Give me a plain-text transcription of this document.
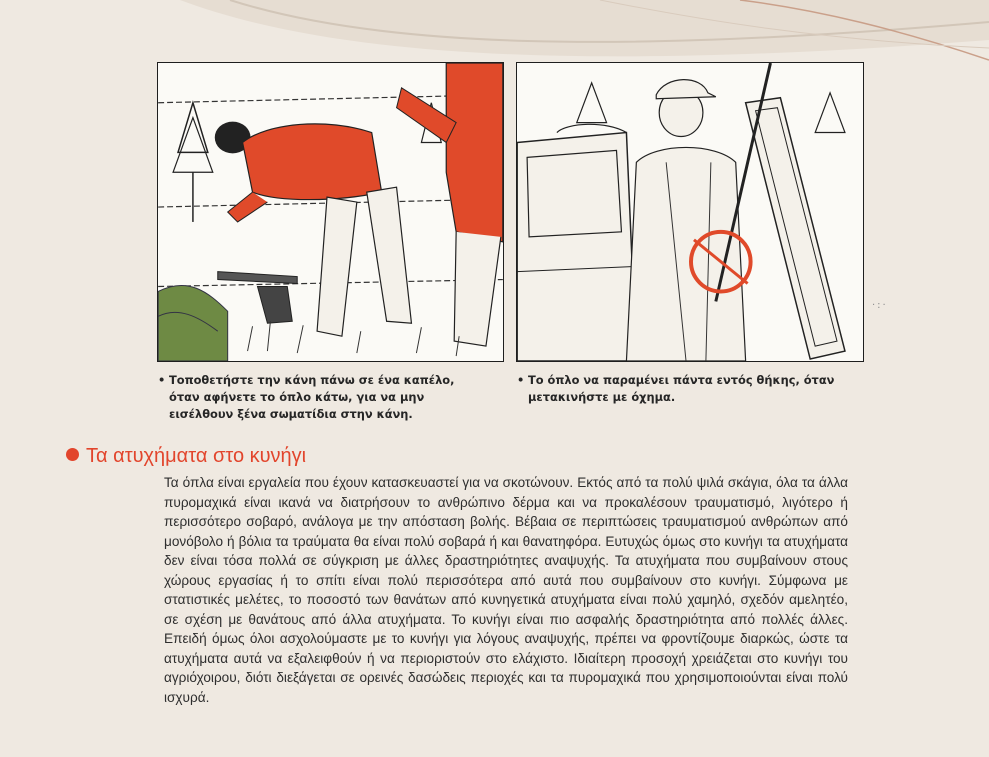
• Τοποθετήστε την κάνη πάνω σε ένα καπέλο, όταν αφήνετε το όπλο κάτω, για να μην εισέλθουν ξένα σωματίδια στην κάνη.
• Το όπλο να παραμένει πάντα εντός θήκης, όταν μετακινήστε με όχημα.
Τα ατυχήματα στο κυνήγι

Τα όπλα είναι εργαλεία που έχουν κατασκευαστεί για να σκοτώνουν. Εκτός από τα πολύ ψιλά σκάγια, όλα τα άλλα πυρομαχικά είναι ικανά να διατρήσουν το ανθρώπινο δέρμα και να προκαλέσουν τραυματισμό, λιγότερο ή περισσότερο σοβαρό, ανάλογα με την απόσταση βολής. Βέβαια σε περιπτώσεις τραυματισμού ανθρώπων από μονόβολο ή βόλια τα τραύματα θα είναι πολύ σοβαρά ή και θανατηφόρα. Ευτυχώς όμως στο κυνήγι τα ατυχήματα δεν είναι τόσα πολλά σε σύγκριση με άλλες δραστηριότητες αναψυχής. Τα ατυχήματα που συμβαίνουν στους χώρους εργασίας ή το σπίτι είναι πολύ περισσότερα από αυτά που συμβαίνουν στο κυνήγι. Σύμφωνα με στατιστικές μελέτες, το ποσοστό των θανάτων από κυνηγετικά ατυχήματα είναι πολύ χαμηλό, σχεδόν αμελητέο, σε σχέση με θανάτους από άλλα ατυχήματα. Το κυνήγι είναι πιο ασφαλής δραστηριότητα από πολλές άλλες. Επειδή όμως όλοι ασχολούμαστε με το κυνήγι για λόγους αναψυχής, πρέπει να φροντίζουμε διαρκώς, ώστε τα ατυχήματα αυτά να εξαλειφθούν ή να περιοριστούν στο ελάχιστο. Ιδιαίτερη προσοχή χρειάζεται στο κυνήγι του αγριόχοιρου, διότι διεξάγεται σε ορεινές δασώδεις περιοχές και τα πυρομαχικά που χρησιμοποιούνται είναι πολύ ισχυρά.

·:·
